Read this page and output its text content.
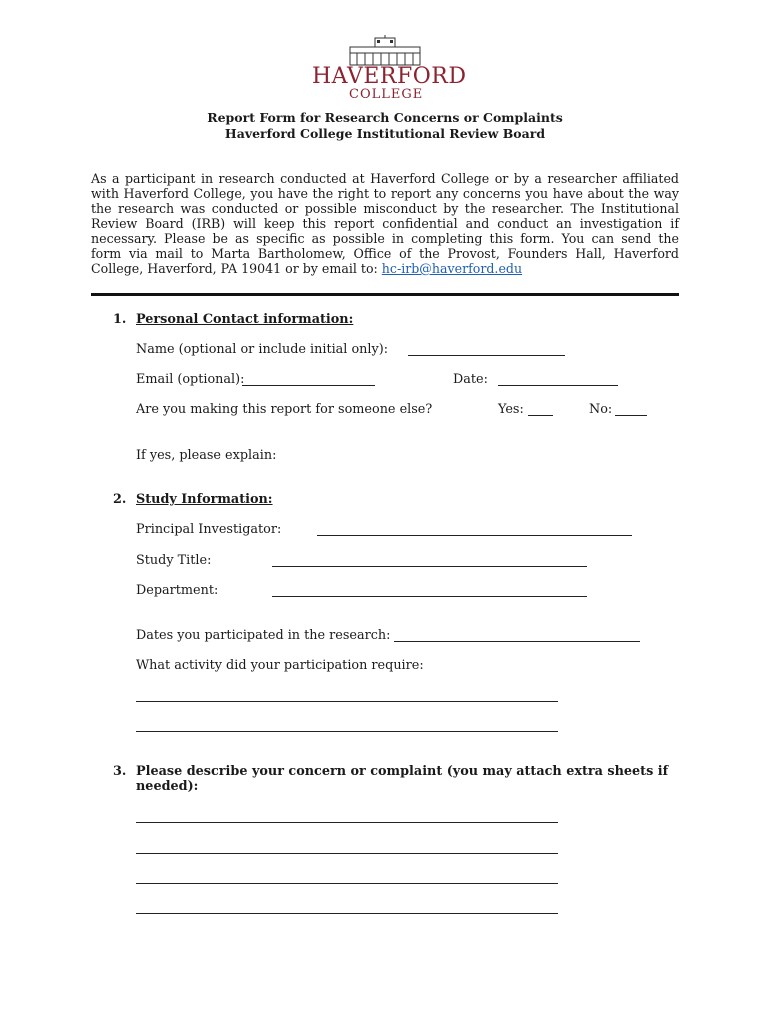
HAVERFORD
COLLEGE
Report Form for Research Concerns or Complaints
Haverford College Institutional Review Board
As a participant in research conducted at Haverford College or by a researcher affiliated
with Haverford College, you have the right to report any concerns you have about the way
the research was conducted or possible misconduct by the researcher. The Institutional
Review Board (IRB) will keep this report confidential and conduct an investigation if
necessary. Please be as specific as possible in completing this form. You can send the
form via mail to Marta Bartholomew, Office of the Provost, Founders Hall, Haverford
College, Haverford, PA 19041 or by email to: hc-irb@haverford.edu
1. Personal Contact information:
Name (optional or include initial only):
Email (optional):	Date:
Are you making this report for someone else?	Yes:	No:
If yes, please explain:
2. Study Information:
Principal Investigator:
Study Title:
Department:
Dates you participated in the research:
What activity did your participation require:
3. Please describe your concern or complaint (you may attach extra sheets if
needed):
